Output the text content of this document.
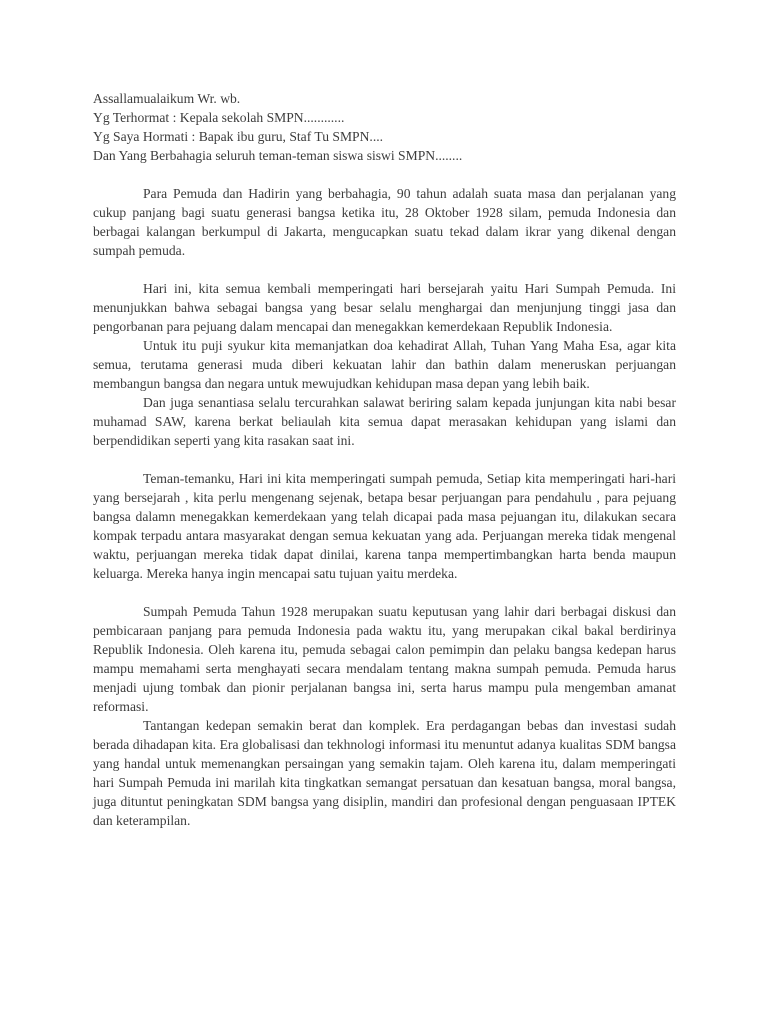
Assallamualaikum Wr. wb.
Yg Terhormat : Kepala sekolah SMPN............
Yg Saya Hormati : Bapak ibu guru, Staf Tu SMPN....
Dan Yang Berbahagia seluruh teman-teman siswa siswi SMPN........

Para Pemuda dan Hadirin yang berbahagia, 90 tahun adalah suata masa dan perjalanan yang cukup panjang bagi suatu generasi bangsa ketika itu, 28 Oktober 1928 silam, pemuda Indonesia dan berbagai kalangan berkumpul di Jakarta, mengucapkan suatu tekad dalam ikrar yang dikenal dengan sumpah pemuda.

Hari ini, kita semua kembali memperingati hari bersejarah yaitu Hari Sumpah Pemuda. Ini menunjukkan bahwa sebagai bangsa yang besar selalu menghargai dan menjunjung tinggi jasa dan pengorbanan para pejuang dalam mencapai dan menegakkan kemerdekaan Republik Indonesia.

Untuk itu puji syukur kita memanjatkan doa kehadirat Allah, Tuhan Yang Maha Esa, agar kita semua, terutama generasi muda diberi kekuatan lahir dan bathin dalam meneruskan perjuangan membangun bangsa dan negara untuk mewujudkan kehidupan masa depan yang lebih baik.

Dan juga senantiasa selalu tercurahkan salawat beriring salam kepada junjungan kita nabi besar muhamad SAW, karena berkat beliaulah kita semua dapat merasakan kehidupan yang islami dan berpendidikan seperti yang kita rasakan saat ini.

Teman-temanku, Hari ini kita memperingati sumpah pemuda, Setiap kita memperingati hari-hari yang bersejarah , kita perlu mengenang sejenak, betapa besar perjuangan para pendahulu , para pejuang bangsa dalamn menegakkan kemerdekaan yang telah dicapai pada masa pejuangan itu, dilakukan secara kompak terpadu antara masyarakat dengan semua kekuatan yang ada. Perjuangan mereka tidak mengenal waktu, perjuangan mereka tidak dapat dinilai, karena tanpa mempertimbangkan harta benda maupun keluarga. Mereka hanya ingin mencapai satu tujuan yaitu merdeka.

Sumpah Pemuda Tahun 1928 merupakan suatu keputusan yang lahir dari berbagai diskusi dan pembicaraan panjang para pemuda Indonesia pada waktu itu, yang merupakan cikal bakal berdirinya Republik Indonesia. Oleh karena itu, pemuda sebagai calon pemimpin dan pelaku bangsa kedepan harus mampu memahami serta menghayati secara mendalam tentang makna sumpah pemuda. Pemuda harus menjadi ujung tombak dan pionir perjalanan bangsa ini, serta harus mampu pula mengemban amanat reformasi.

Tantangan kedepan semakin berat dan komplek. Era perdagangan bebas dan investasi sudah berada dihadapan kita. Era globalisasi dan tekhnologi informasi itu menuntut adanya kualitas SDM bangsa yang handal untuk memenangkan persaingan yang semakin tajam. Oleh karena itu, dalam memperingati hari Sumpah Pemuda ini marilah kita tingkatkan semangat persatuan dan kesatuan bangsa, moral bangsa, juga dituntut peningkatan SDM bangsa yang disiplin, mandiri dan profesional dengan penguasaan IPTEK dan keterampilan.
